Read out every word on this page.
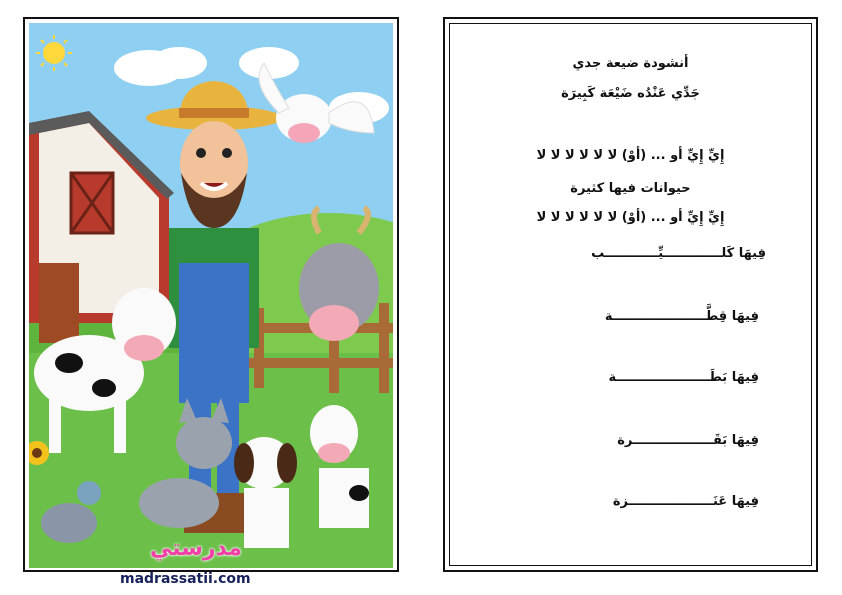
مدرستي
madrassatii.com
أنشودة ضيعة جدي
جَدِّي عَنْدُه ضَيْعَة كَبِيرَة
إِيِّ إِيِّ أو ... (أوْ) لا لا لا لا لا لا
حيوانات فيها كثيرة
إِيِّ إِيِّ أو ... (أوْ) لا لا لا لا لا لا
فِيهَا كَلـــــــــــــيِّــــــــــــب
فِيهَا قِطَّـــــــــــــــــــــة
فِيهَا بَطَـــــــــــــــــــــة
فِيهَا بَقَــــــــــــــــــرة
فِيهَا عَنَـــــــــــــــــــزة
